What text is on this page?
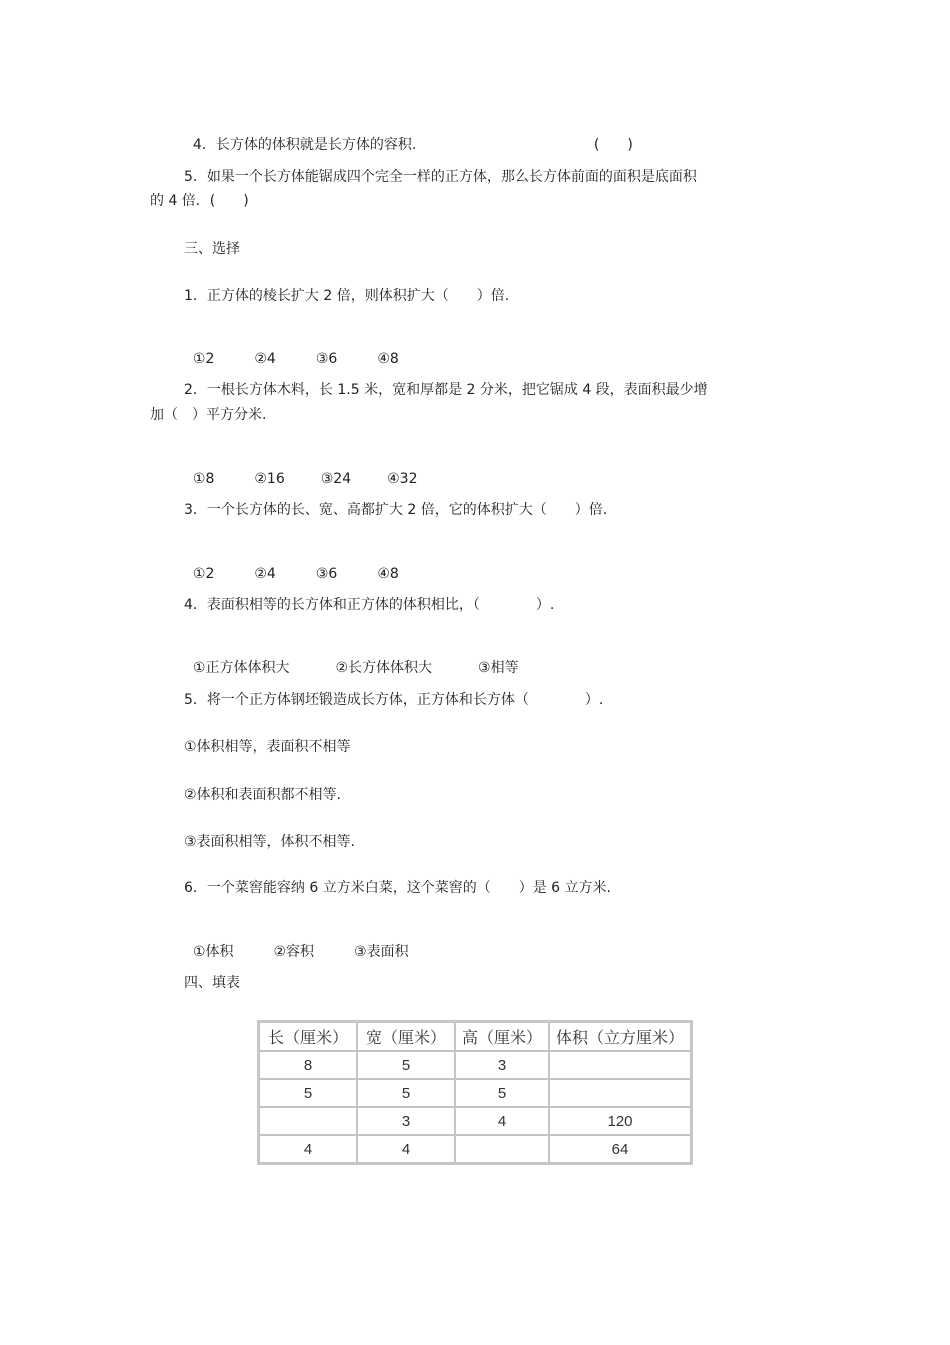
4．长方体的体积就是长方体的容积.	(　　)

5．如果一个长方体能锯成四个完全一样的正方体，那么长方体前面的面积是底面积
的 4 倍．(　　)
三、选择
1．正方体的棱长扩大 2 倍，则体积扩大（　　）倍.

①2	②4	③6	④8

2．一根长方体木料，长 1.5 米，宽和厚都是 2 分米，把它锯成 4 段，表面积最少增
加（　）平方分米.

①8	②16	③24	④32

3．一个长方体的长、宽、高都扩大 2 倍，它的体积扩大（　　）倍.

①2	②4	③6	④8

4．表面积相等的长方体和正方体的体积相比，（　　　　）.

①正方体体积大	②长方体体积大	③相等

5．将一个正方体钢坯锻造成长方体，正方体和长方体（　　　　）.
①体积相等，表面积不相等
②体积和表面积都不相等.
③表面积相等，体积不相等.
6．一个菜窖能容纳 6 立方米白菜，这个菜窖的（　　）是 6 立方米.

①体积	②容积	③表面积

四、填表
长（厘米）	宽（厘米）	高（厘米）	体积（立方厘米）
8	5	3	
5	5	5	
	3	4	120
4	4		64
